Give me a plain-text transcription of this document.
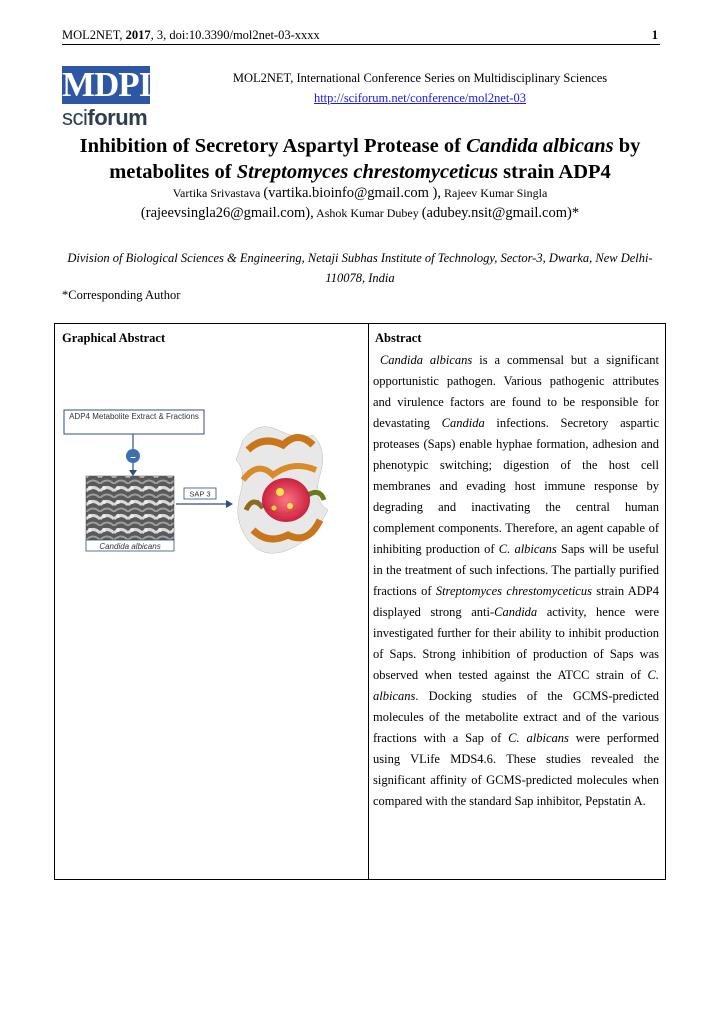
MOL2NET, 2017, 3, doi:10.3390/mol2net-03-xxxx	1
MDPI
sciforum
MOL2NET, International Conference Series on Multidisciplinary Sciences
http://sciforum.net/conference/mol2net-03
Inhibition of Secretory Aspartyl Protease of Candida albicans by metabolites of Streptomyces chrestomyceticus strain ADP4
Vartika Srivastava (vartika.bioinfo@gmail.com ), Rajeev Kumar Singla
(rajeevsingla26@gmail.com), Ashok Kumar Dubey (adubey.nsit@gmail.com)*
Division of Biological Sciences & Engineering, Netaji Subhas Institute of Technology, Sector-3, Dwarka, New Delhi-110078, India
*Corresponding Author
Graphical Abstract	Abstract
ADP4 Metabolite Extract & Fractions
–
Candida albicans
SAP 3
Candida albicans is a commensal but a significant opportunistic pathogen. Various pathogenic attributes and virulence factors are found to be responsible for devastating Candida infections. Secretory aspartic proteases (Saps) enable hyphae formation, adhesion and phenotypic switching; digestion of the host cell membranes and evading host immune response by degrading and inactivating the central human complement components. Therefore, an agent capable of inhibiting production of C. albicans Saps will be useful in the treatment of such infections. The partially purified fractions of Streptomyces chrestomyceticus strain ADP4 displayed strong anti-Candida activity, hence were investigated further for their ability to inhibit production of Saps. Strong inhibition of production of Saps was observed when tested against the ATCC strain of C. albicans. Docking studies of the GCMS-predicted molecules of the metabolite extract and of the various fractions with a Sap of C. albicans were performed using VLife MDS4.6. These studies revealed the significant affinity of GCMS-predicted molecules when compared with the standard Sap inhibitor, Pepstatin A.
